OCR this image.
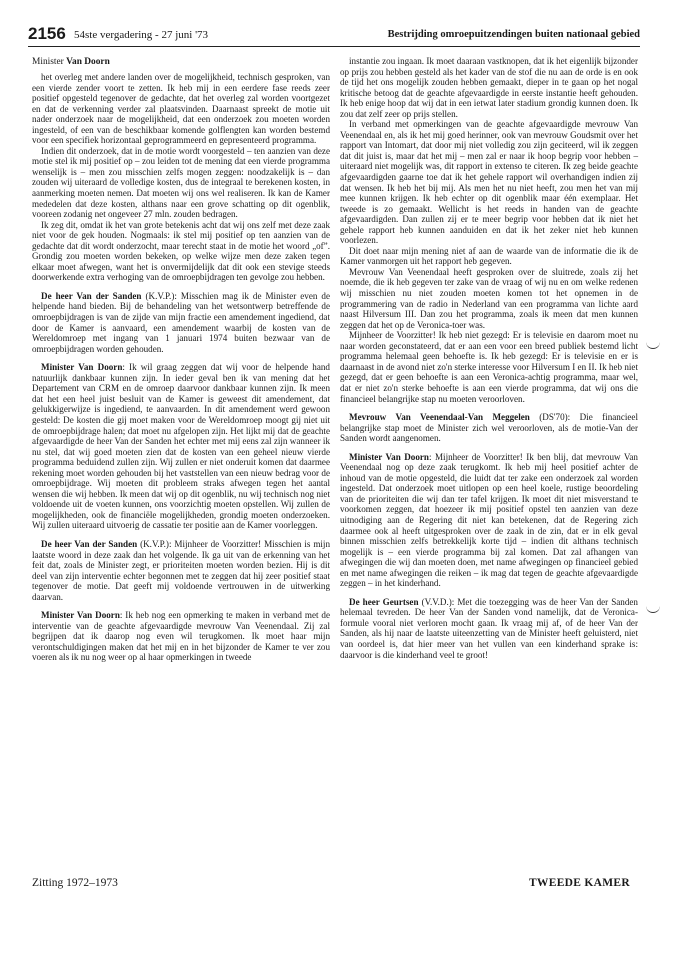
2156 54ste vergadering - 27 juni '73	Bestrijding omroepuitzendingen buiten nationaal gebied

Minister Van Doorn

het overleg met andere landen over de mogelijkheid, technisch gesproken, van een vierde zender voort te zetten. Ik heb mij in een eerdere fase reeds zeer positief opgesteld tegenover de gedachte, dat het overleg zal worden voortgezet en dat de verkenning verder zal plaatsvinden. Daarnaast spreekt de motie uit nader onderzoek naar de mogelijkheid, dat een onderzoek zou moeten worden ingesteld, of een van de beschikbaar komende golflengten kan worden bestemd voor een specifiek horizontaal geprogrammeerd en gepresenteerd programma.

Indien dit onderzoek, dat in de motie wordt voorgesteld – ten aanzien van deze motie stel ik mij positief op – zou leiden tot de mening dat een vierde programma wenselijk is – men zou misschien zelfs mogen zeggen: noodzakelijk is – dan zouden wij uiteraard de volledige kosten, dus de integraal te berekenen kosten, in aanmerking moeten nemen. Dat moeten wij ons wel realiseren. Ik kan de Kamer mededelen dat deze kosten, althans naar een grove schatting op dit ogenblik, vooreen zodanig net ongeveer 27 mln. zouden bedragen.

Ik zeg dit, omdat ik het van grote betekenis acht dat wij ons zelf met deze zaak niet voor de gek houden. Nogmaals: ik stel mij positief op ten aanzien van de gedachte dat dit wordt onderzocht, maar terecht staat in de motie het woord „of”. Grondig zou moeten worden bekeken, op welke wijze men deze zaken tegen elkaar moet afwegen, want het is onvermijdelijk dat dit ook een stevige steeds doorwerkende extra verhoging van de omroepbijdragen ten gevolge zou hebben.

De heer Van der Sanden (K.V.P.): Misschien mag ik de Minister even de helpende hand bieden. Bij de behandeling van het wetsontwerp betreffende de omroepbijdragen is van de zijde van mijn fractie een amendement ingediend, dat door de Kamer is aanvaard, een amendement waarbij de kosten van de Wereldomroep met ingang van 1 januari 1974 buiten bezwaar van de omroepbijdragen worden gehouden.

Minister Van Doorn: Ik wil graag zeggen dat wij voor de helpende hand natuurlijk dankbaar kunnen zijn. In ieder geval ben ik van mening dat het Departement van CRM en de omroep daarvoor dankbaar kunnen zijn. Ik meen dat het een heel juist besluit van de Kamer is geweest dit amendement, dat gelukkigerwijze is ingediend, te aanvaarden. In dit amendement werd gewoon gesteld: De kosten die gij moet maken voor de Wereldomroep moogt gij niet uit de omroepbijdrage halen; dat moet nu afgelopen zijn. Het lijkt mij dat de geachte afgevaardigde de heer Van der Sanden het echter met mij eens zal zijn wanneer ik nu stel, dat wij goed moeten zien dat de kosten van een geheel nieuw vierde programma beduidend zullen zijn. Wij zullen er niet onderuit komen dat daarmee rekening moet worden gehouden bij het vaststellen van een nieuw bedrag voor de omroepbijdrage. Wij moeten dit probleem straks afwegen tegen het aantal wensen die wij hebben. Ik meen dat wij op dit ogenblik, nu wij technisch nog niet voldoende uit de voeten kunnen, ons voorzichtig moeten opstellen. Wij zullen de mogelijkheden, ook de financiële mogelijkheden, grondig moeten onderzoeken. Wij zullen uiteraard uitvoerig de cassatie ter positie aan de Kamer voorleggen.

De heer Van der Sanden (K.V.P.): Mijnheer de Voorzitter! Misschien is mijn laatste woord in deze zaak dan het volgende. Ik ga uit van de erkenning van het feit dat, zoals de Minister zegt, er prioriteiten moeten worden bezien. Hij is dit deel van zijn interventie echter begonnen met te zeggen dat hij zeer positief staat tegenover de motie. Dat geeft mij voldoende vertrouwen in de uitwerking daarvan.

Minister Van Doorn: Ik heb nog een opmerking te maken in verband met de interventie van de geachte afgevaardigde mevrouw Van Veenendaal. Zij zal begrijpen dat ik daarop nog even wil terugkomen. Ik moet haar mijn verontschuldigingen maken dat het mij en in het bijzonder de Kamer te ver zou voeren als ik nu nog weer op al haar opmerkingen in tweede

instantie zou ingaan. Ik moet daaraan vastknopen, dat ik het eigenlijk bijzonder op prijs zou hebben gesteld als het kader van de stof die nu aan de orde is en ook de tijd het ons mogelijk zouden hebben gemaakt, dieper in te gaan op het nogal kritische betoog dat de geachte afgevaardigde in eerste instantie heeft gehouden. Ik heb enige hoop dat wij dat in een ietwat later stadium grondig kunnen doen. Ik zou dat zelf zeer op prijs stellen.

In verband met opmerkingen van de geachte afgevaardigde mevrouw Van Veenendaal en, als ik het mij goed herinner, ook van mevrouw Goudsmit over het rapport van Intomart, dat door mij niet volledig zou zijn geciteerd, wil ik zeggen dat dit juist is, maar dat het mij – men zal er naar ik hoop begrip voor hebben – uiteraard niet mogelijk was, dit rapport in extenso te citeren. Ik zeg beide geachte afgevaardigden gaarne toe dat ik het gehele rapport wil overhandigen indien zij dat wensen. Ik heb het bij mij. Als men het nu niet heeft, zou men het van mij mee kunnen krijgen. Ik heb echter op dit ogenblik maar één exemplaar. Het tweede is zo gemaakt. Wellicht is het reeds in handen van de geachte afgevaardigden. Dan zullen zij er te meer begrip voor hebben dat ik niet het gehele rapport heb kunnen aanduiden en dat ik het zeker niet heb kunnen voorlezen.

Dit doet naar mijn mening niet af aan de waarde van de informatie die ik de Kamer vanmorgen uit het rapport heb gegeven.

Mevrouw Van Veenendaal heeft gesproken over de sluitrede, zoals zij het noemde, die ik heb gegeven ter zake van de vraag of wij nu en om welke redenen wij misschien nu niet zouden moeten komen tot het opnemen in de programmering van de radio in Nederland van een programma van lichte aard naast Hilversum III. Dan zou het programma, zoals ik meen dat men kunnen zeggen dat het op de Veronica-toer was.

Mijnheer de Voorzitter! Ik heb niet gezegd: Er is televisie en daarom moet nu naar worden geconstateerd, dat er aan een voor een breed publiek bestemd licht programma helemaal geen behoefte is. Ik heb gezegd: Er is televisie en er is daarnaast in de avond niet zo'n sterke interesse voor Hilversum I en II. Ik heb niet gezegd, dat er geen behoefte is aan een Veronica-achtig programma, maar wel, dat er niet zo'n sterke behoefte is aan een vierde programma, dat wij ons die financieel belangrijke stap nu moeten veroorloven.

Mevrouw Van Veenendaal-Van Meggelen (DS'70): Die financieel belangrijke stap moet de Minister zich wel veroorloven, als de motie-Van der Sanden wordt aangenomen.

Minister Van Doorn: Mijnheer de Voorzitter! Ik ben blij, dat mevrouw Van Veenendaal nog op deze zaak terugkomt. Ik heb mij heel positief achter de inhoud van de motie opgesteld, die luidt dat ter zake een onderzoek zal worden ingesteld. Dat onderzoek moet uitlopen op een heel koele, rustige beoordeling van de prioriteiten die wij dan ter tafel krijgen. Ik moet dit niet misverstand te voorkomen zeggen, dat hoezeer ik mij positief opstel ten aanzien van deze uitnodiging aan de Regering dit niet kan betekenen, dat de Regering zich daarmee ook al heeft uitgesproken over de zaak in de zin, dat er in elk geval binnen misschien zelfs betrekkelijk korte tijd – indien dit althans technisch mogelijk is – een vierde programma bij zal komen. Dat zal afhangen van afwegingen die wij dan moeten doen, met name afwegingen op financieel gebied en met name afwegingen die reiken – ik mag dat tegen de geachte afgevaardigde zeggen – in het kinderhand.

De heer Geurtsen (V.V.D.): Met die toezegging was de heer Van der Sanden helemaal tevreden. De heer Van der Sanden vond namelijk, dat de Veronica-formule vooral niet verloren mocht gaan. Ik vraag mij af, of de heer Van der Sanden, als hij naar de laatste uiteenzetting van de Minister heeft geluisterd, niet van oordeel is, dat hier meer van het vullen van een kinderhand sprake is: daarvoor is die kinderhand veel te groot!

Zitting 1972–1973	TWEEDE KAMER
